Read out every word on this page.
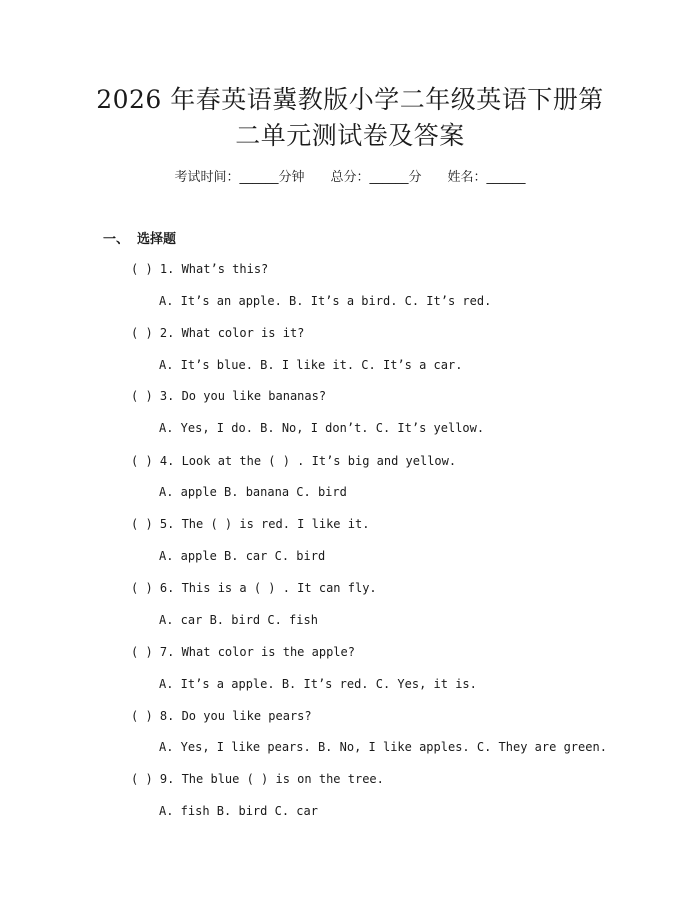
2026 年春英语冀教版小学二年级英语下册第
二单元测试卷及答案
考试时间：______分钟 总分：______分 姓名：______
一、 选择题
( ) 1. What’s this?
A. It’s an apple. B. It’s a bird. C. It’s red.
( ) 2. What color is it?
A. It’s blue. B. I like it. C. It’s a car.
( ) 3. Do you like bananas?
A. Yes, I do. B. No, I don’t. C. It’s yellow.
( ) 4. Look at the ( ) . It’s big and yellow.
A. apple B. banana C. bird
( ) 5. The ( ) is red. I like it.
A. apple B. car C. bird
( ) 6. This is a ( ) . It can fly.
A. car B. bird C. fish
( ) 7. What color is the apple?
A. It’s a apple. B. It’s red. C. Yes, it is.
( ) 8. Do you like pears?
A. Yes, I like pears. B. No, I like apples. C. They are green.
( ) 9. The blue ( ) is on the tree.
A. fish B. bird C. car
